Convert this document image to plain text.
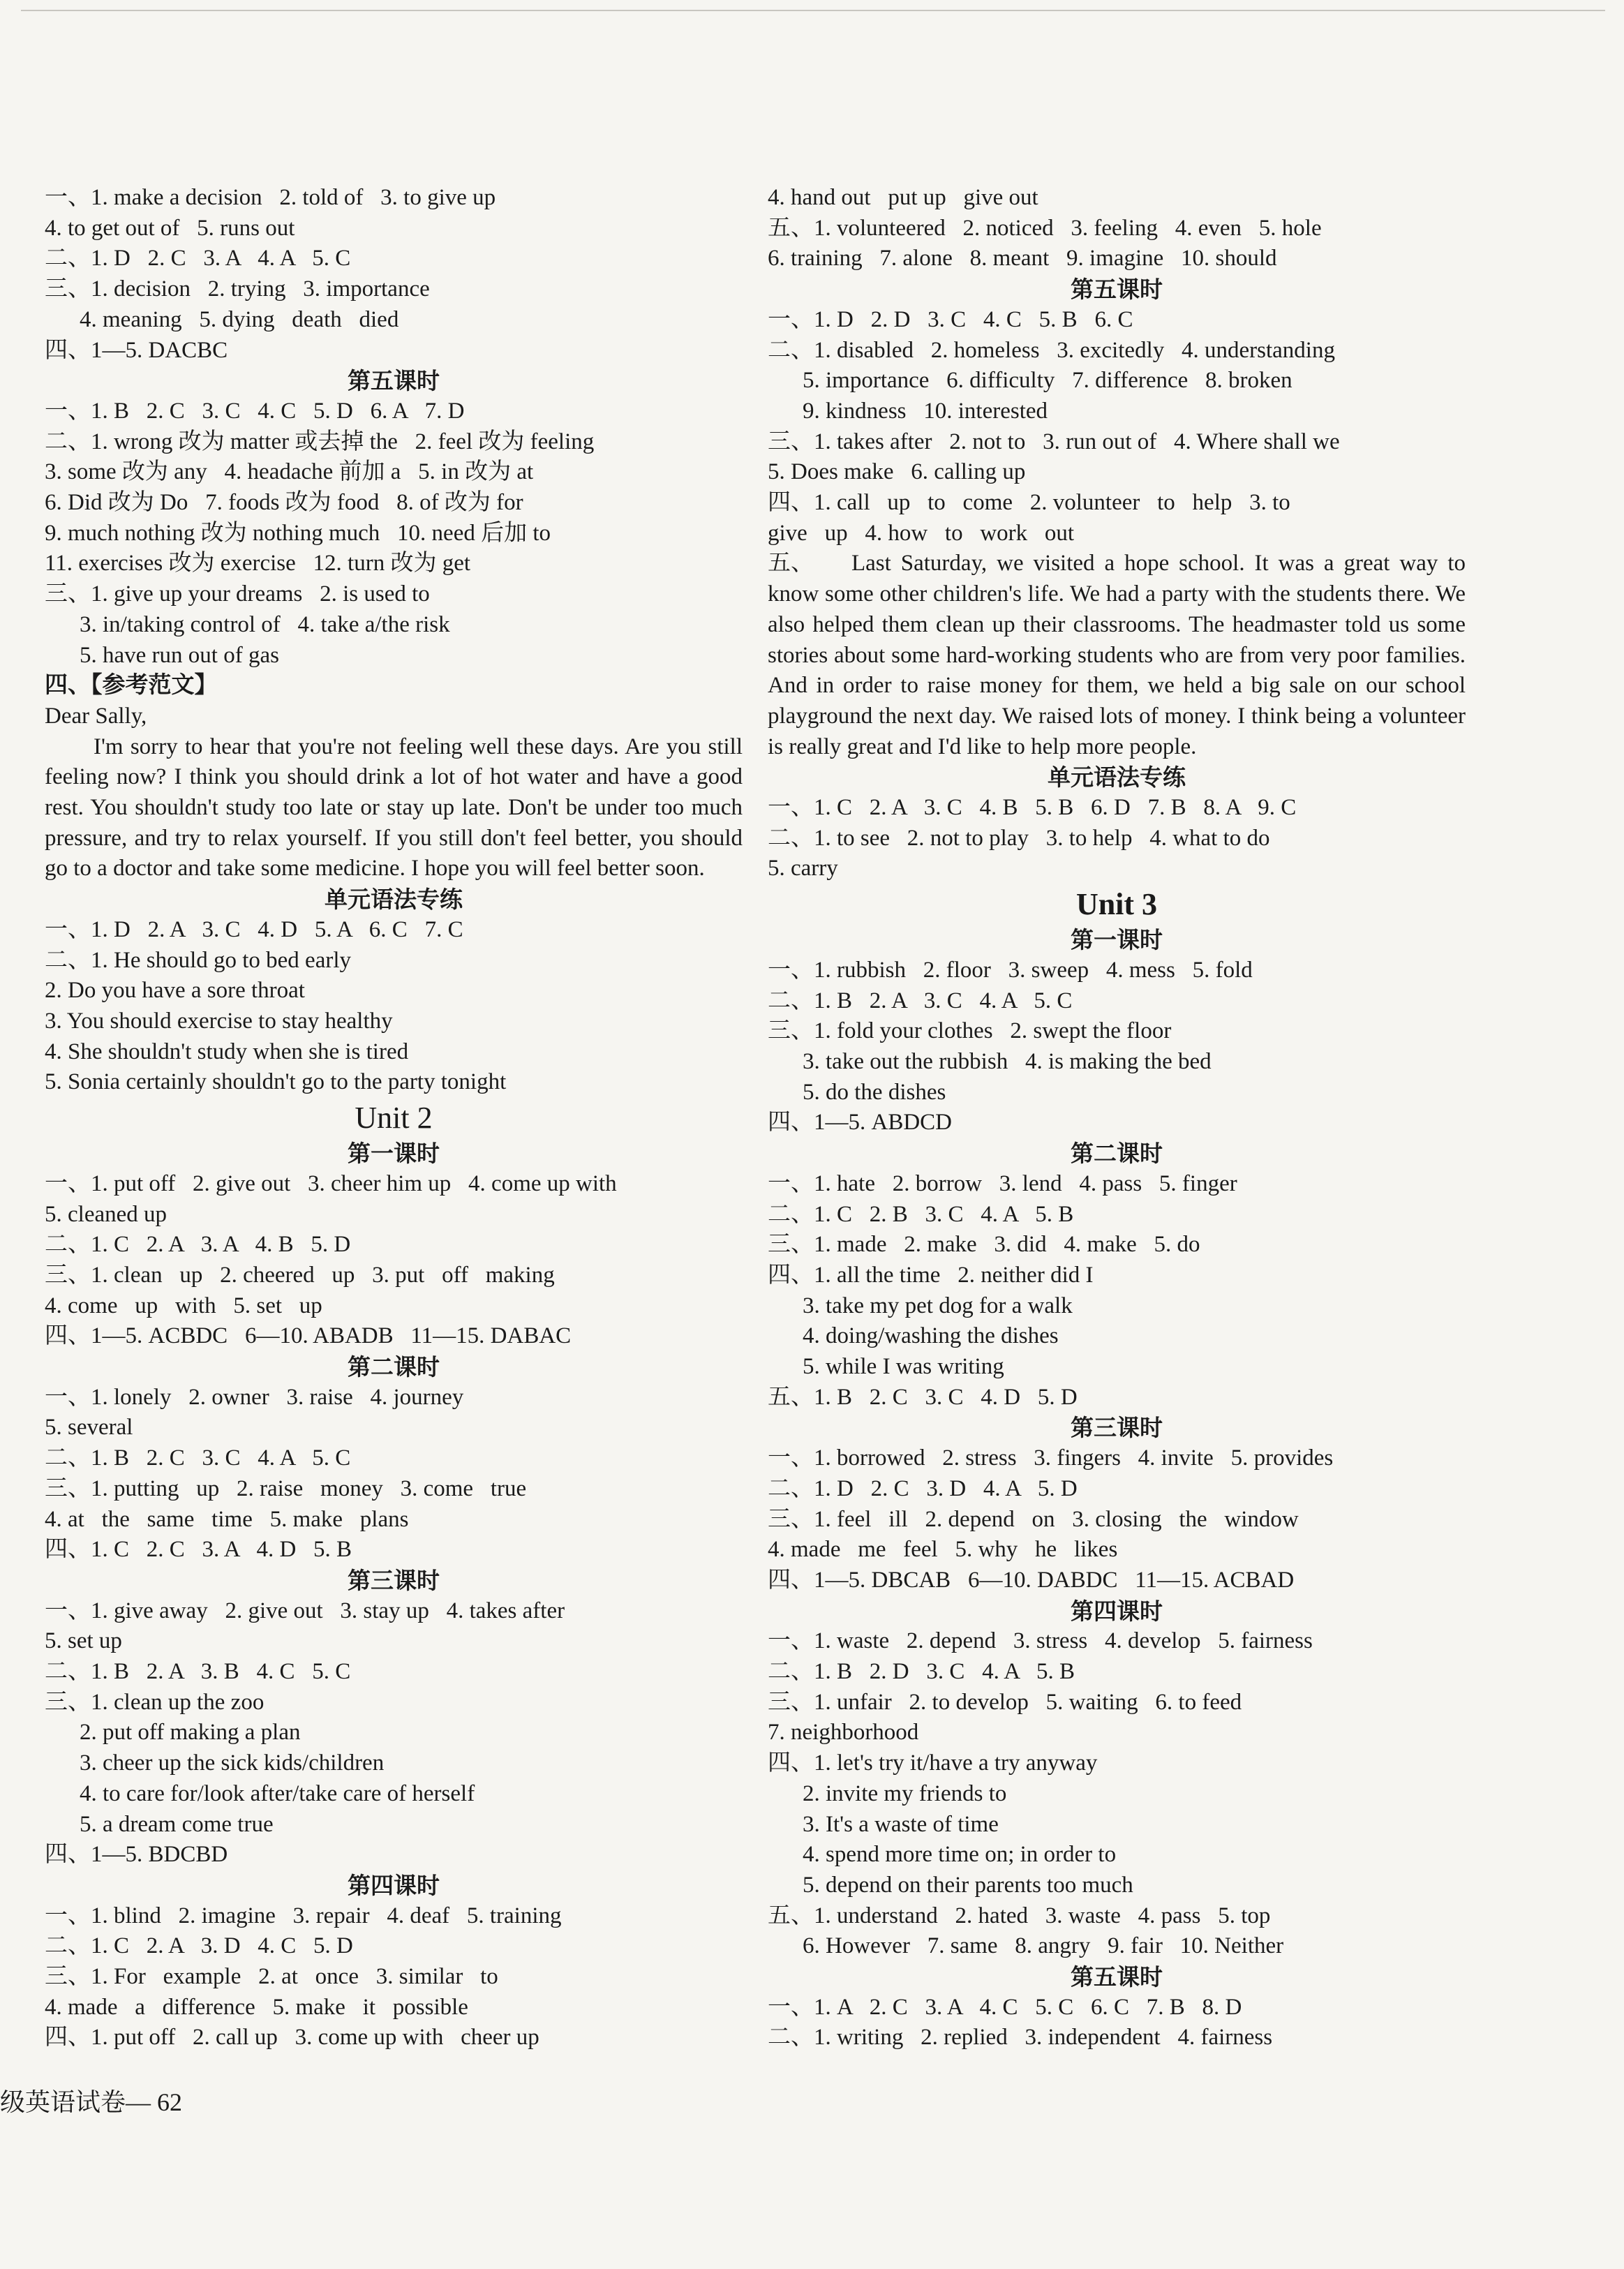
一、1. make a decision   2. told of   3. to give up
4. to get out of   5. runs out
二、1. D   2. C   3. A   4. A   5. C
三、1. decision   2. trying   3. importance
4. meaning   5. dying   death   died
四、1—5. DACBC
第五课时
一、1. B   2. C   3. C   4. C   5. D   6. A   7. D
二、1. wrong 改为 matter 或去掉 the   2. feel 改为 feeling
3. some 改为 any   4. headache 前加 a   5. in 改为 at
6. Did 改为 Do   7. foods 改为 food   8. of 改为 for
9. much nothing 改为 nothing much   10. need 后加 to
11. exercises 改为 exercise   12. turn 改为 get
三、1. give up your dreams   2. is used to
3. in/taking control of   4. take a/the risk
5. have run out of gas
四、【参考范文】
Dear Sally,

I'm sorry to hear that you're not feeling well these days. Are you still feeling now? I think you should drink a lot of hot water and have a good rest. You shouldn't study too late or stay up late. Don't be under too much pressure, and try to relax yourself. If you still don't feel better, you should go to a doctor and take some medicine. I hope you will feel better soon.

单元语法专练
一、1. D   2. A   3. C   4. D   5. A   6. C   7. C
二、1. He should go to bed early
2. Do you have a sore throat
3. You should exercise to stay healthy
4. She shouldn't study when she is tired
5. Sonia certainly shouldn't go to the party tonight
Unit 2
第一课时
一、1. put off   2. give out   3. cheer him up   4. come up with
5. cleaned up
二、1. C   2. A   3. A   4. B   5. D
三、1. clean   up   2. cheered   up   3. put   off   making
4. come   up   with   5. set   up
四、1—5. ACBDC   6—10. ABADB   11—15. DABAC
第二课时
一、1. lonely   2. owner   3. raise   4. journey
5. several
二、1. B   2. C   3. C   4. A   5. C
三、1. putting   up   2. raise   money   3. come   true
4. at   the   same   time   5. make   plans
四、1. C   2. C   3. A   4. D   5. B
第三课时
一、1. give away   2. give out   3. stay up   4. takes after
5. set up
二、1. B   2. A   3. B   4. C   5. C
三、1. clean up the zoo
2. put off making a plan
3. cheer up the sick kids/children
4. to care for/look after/take care of herself
5. a dream come true
四、1—5. BDCBD
第四课时
一、1. blind   2. imagine   3. repair   4. deaf   5. training
二、1. C   2. A   3. D   4. C   5. D
三、1. For   example   2. at   once   3. similar   to
4. made   a   difference   5. make   it   possible
四、1. put off   2. call up   3. come up with   cheer up
4. hand out   put up   give out
五、1. volunteered   2. noticed   3. feeling   4. even   5. hole
6. training   7. alone   8. meant   9. imagine   10. should
第五课时
一、1. D   2. D   3. C   4. C   5. B   6. C
二、1. disabled   2. homeless   3. excitedly   4. understanding
5. importance   6. difficulty   7. difference   8. broken
9. kindness   10. interested
三、1. takes after   2. not to   3. run out of   4. Where shall we
5. Does make   6. calling up
四、1. call   up   to   come   2. volunteer   to   help   3. to
give   up   4. how   to   work   out

五、 Last Saturday, we visited a hope school. It was a great way to know some other children's life. We had a party with the students there. We also helped them clean up their classrooms. The headmaster told us some stories about some hard-working students who are from very poor families. And in order to raise money for them, we held a big sale on our school playground the next day. We raised lots of money. I think being a volunteer is really great and I'd like to help more people.

单元语法专练
一、1. C   2. A   3. C   4. B   5. B   6. D   7. B   8. A   9. C
二、1. to see   2. not to play   3. to help   4. what to do
5. carry
Unit 3
第一课时
一、1. rubbish   2. floor   3. sweep   4. mess   5. fold
二、1. B   2. A   3. C   4. A   5. C
三、1. fold your clothes   2. swept the floor
3. take out the rubbish   4. is making the bed
5. do the dishes
四、1—5. ABDCD
第二课时
一、1. hate   2. borrow   3. lend   4. pass   5. finger
二、1. C   2. B   3. C   4. A   5. B
三、1. made   2. make   3. did   4. make   5. do
四、1. all the time   2. neither did I
3. take my pet dog for a walk
4. doing/washing the dishes
5. while I was writing
五、1. B   2. C   3. C   4. D   5. D
第三课时
一、1. borrowed   2. stress   3. fingers   4. invite   5. provides
二、1. D   2. C   3. D   4. A   5. D
三、1. feel   ill   2. depend   on   3. closing   the   window
4. made   me   feel   5. why   he   likes
四、1—5. DBCAB   6—10. DABDC   11—15. ACBAD
第四课时
一、1. waste   2. depend   3. stress   4. develop   5. fairness
二、1. B   2. D   3. C   4. A   5. B
三、1. unfair   2. to develop   5. waiting   6. to feed
7. neighborhood
四、1. let's try it/have a try anyway
2. invite my friends to
3. It's a waste of time
4. spend more time on; in order to
5. depend on their parents too much
五、1. understand   2. hated   3. waste   4. pass   5. top
6. However   7. same   8. angry   9. fair   10. Neither
第五课时
一、1. A   2. C   3. A   4. C   5. C   6. C   7. B   8. D
二、1. writing   2. replied   3. independent   4. fairness
级英语试卷— 62
